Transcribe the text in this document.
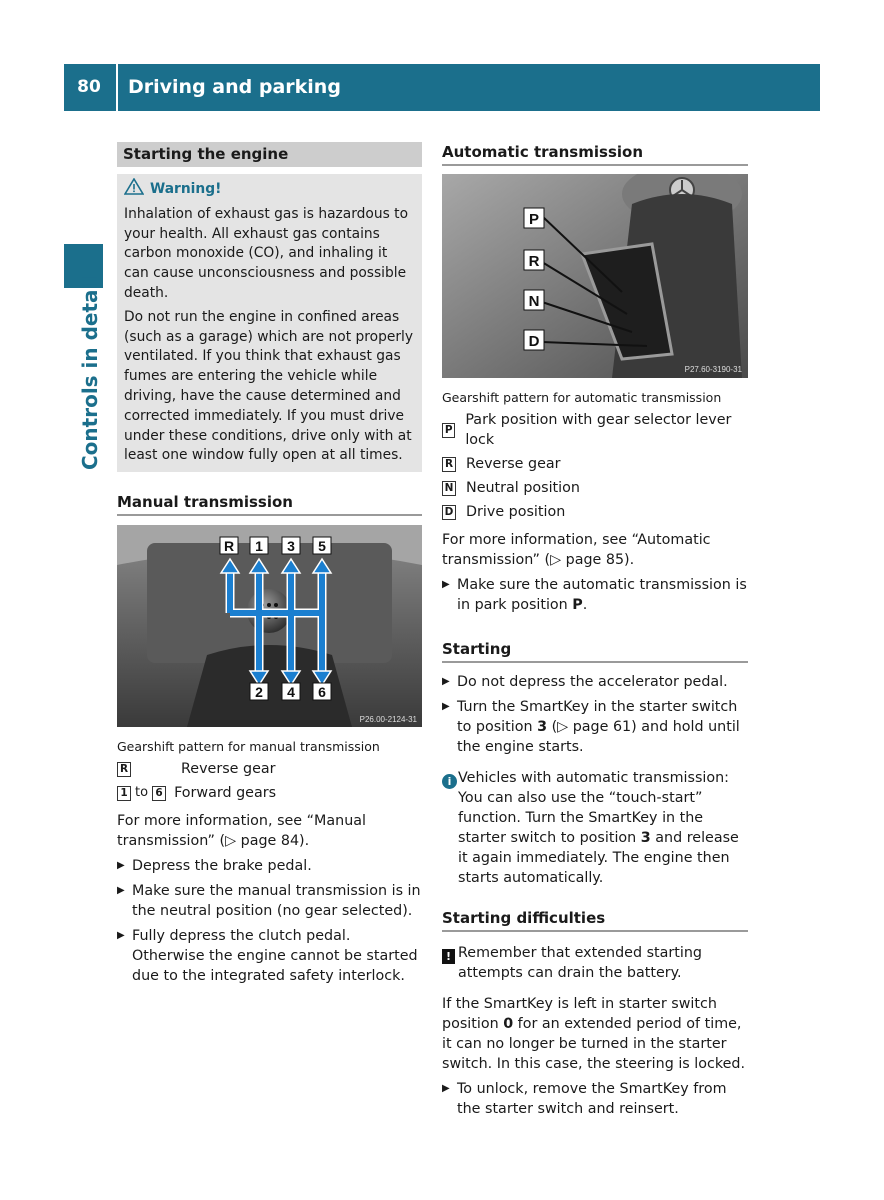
80	Driving and parking
Controls in detail
Starting the engine
Warning!

Inhalation of exhaust gas is hazardous to your health. All exhaust gas contains carbon monoxide (CO), and inhaling it can cause unconsciousness and possible death.

Do not run the engine in confined areas (such as a garage) which are not properly ventilated. If you think that exhaust gas fumes are entering the vehicle while driving, have the cause determined and corrected immediately. If you must drive under these conditions, drive only with at least one window fully open at all times.

Manual transmission
R 1 3 5
2 4 6
P26.00-2124-31
Gearshift pattern for manual transmission
R	Reverse gear
1 to 6 Forward gears

For more information, see “Manual transmission” (▷ page 84).

▶ Depress the brake pedal.
▶ Make sure the manual transmission is in the neutral position (no gear selected).
▶ Fully depress the clutch pedal. Otherwise the engine cannot be started due to the integrated safety interlock.
Automatic transmission
P
R
N
D
P27.60-3190-31
Gearshift pattern for automatic transmission
P
Park position with gear selector lever lock
R Reverse gear
N Neutral position
D Drive position

For more information, see “Automatic transmission” (▷ page 85).

▶ Make sure the automatic transmission is in park position P.
Starting
▶ Do not depress the accelerator pedal.
▶ Turn the SmartKey in the starter switch to position 3 (▷ page 61) and hold until the engine starts.
i Vehicles with automatic transmission: You can also use the “touch-start” function. Turn the SmartKey in the starter switch to position 3 and release it again immediately. The engine then starts automatically.
Starting difficulties
! Remember that extended starting attempts can drain the battery.

If the SmartKey is left in starter switch position 0 for an extended period of time, it can no longer be turned in the starter switch. In this case, the steering is locked.

▶ To unlock, remove the SmartKey from the starter switch and reinsert.
